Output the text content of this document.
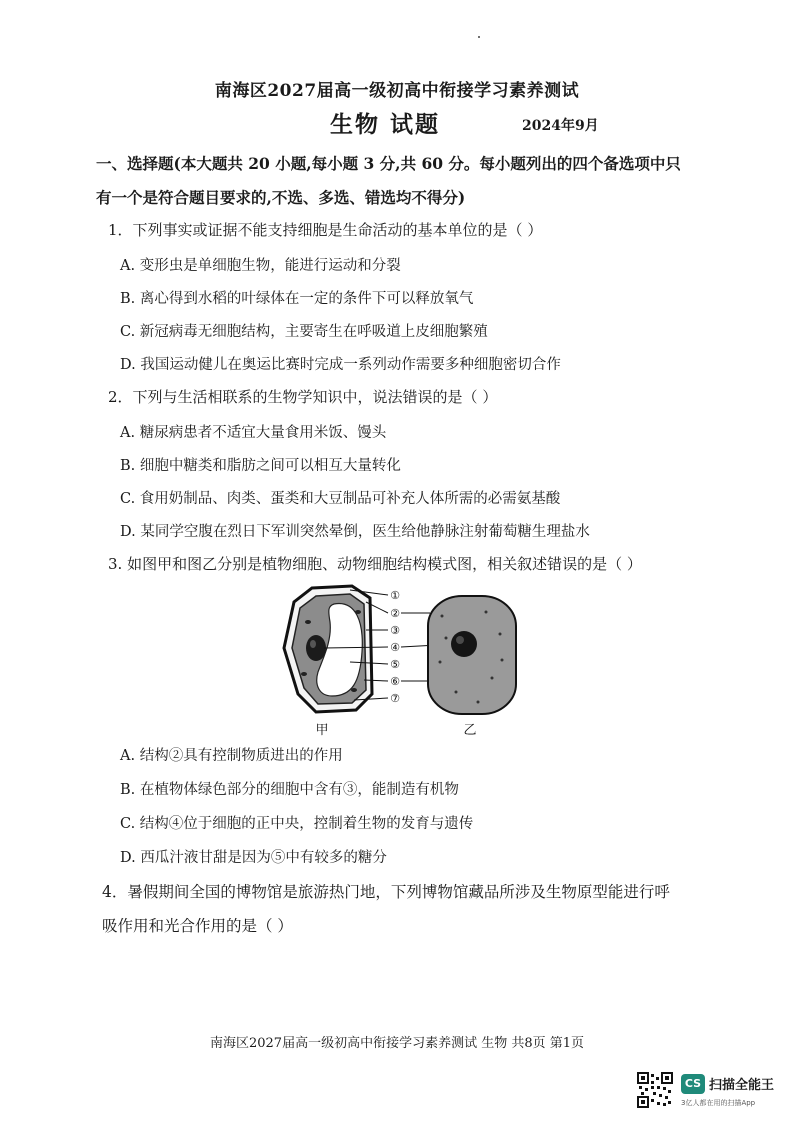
南海区2027届高一级初高中衔接学习素养测试
生物 试题	2024年9月
一、选择题(本大题共 20 小题,每小题 3 分,共 60 分。每小题列出的四个备选项中只
有一个是符合题目要求的,不选、多选、错选均不得分)
1．下列事实或证据不能支持细胞是生命活动的基本单位的是（ ）
A. 变形虫是单细胞生物，能进行运动和分裂
B. 离心得到水稻的叶绿体在一定的条件下可以释放氧气
C. 新冠病毒无细胞结构，主要寄生在呼吸道上皮细胞繁殖
D. 我国运动健儿在奥运比赛时完成一系列动作需要多种细胞密切合作
2．下列与生活相联系的生物学知识中，说法错误的是（ ）
A. 糖尿病患者不适宜大量食用米饭、馒头
B. 细胞中糖类和脂肪之间可以相互大量转化
C. 食用奶制品、肉类、蛋类和大豆制品可补充人体所需的必需氨基酸
D. 某同学空腹在烈日下军训突然晕倒，医生给他静脉注射葡萄糖生理盐水
3. 如图甲和图乙分别是植物细胞、动物细胞结构模式图，相关叙述错误的是（ ）
①
②
③
④
⑤
⑥
⑦
甲	乙
A. 结构②具有控制物质进出的作用
B. 在植物体绿色部分的细胞中含有③，能制造有机物
C. 结构④位于细胞的正中央，控制着生物的发育与遗传
D. 西瓜汁液甘甜是因为⑤中有较多的糖分
4．暑假期间全国的博物馆是旅游热门地，下列博物馆藏品所涉及生物原型能进行呼
吸作用和光合作用的是（ ）
南海区2027届高一级初高中衔接学习素养测试 生物 共8页 第1页
CS 扫描全能王
3亿人都在用的扫描App
